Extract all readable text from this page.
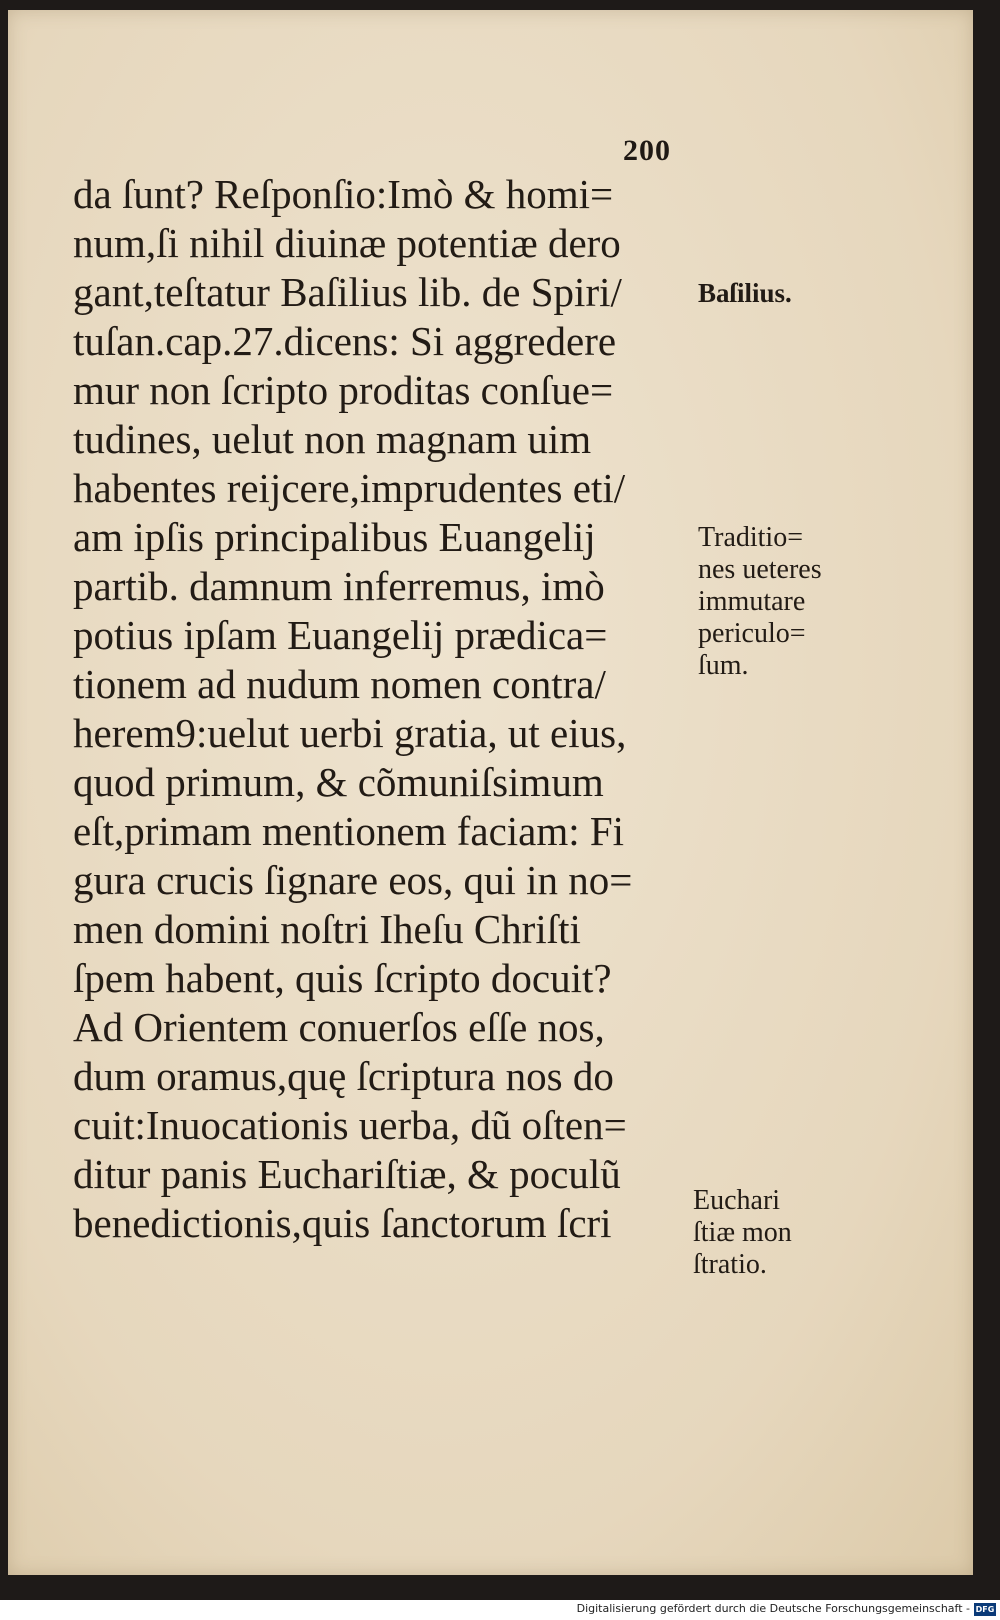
200
da ſunt? Reſponſio:Imò & homi=
num,ſi nihil diuinæ potentiæ dero
gant,teſtatur Baſilius lib. de Spiri/
tuſan.cap.27.dicens: Si aggredere
mur non ſcripto proditas conſue=
tudines, uelut non magnam uim
habentes reijcere,imprudentes eti/
am ipſis principalibus Euangelij
partib. damnum inferremus, imò
potius ipſam Euangelij prædica=
tionem ad nudum nomen contra/
herem9:uelut uerbi gratia, ut eius,
quod primum, & cõmuniſsimum
eſt,primam mentionem faciam: Fi
gura crucis ſignare eos, qui in no=
men domini noſtri Iheſu Chriſti
ſpem habent, quis ſcripto docuit?
Ad Orientem conuerſos eſſe nos,
dum oramus,quę ſcriptura nos do
cuit:Inuocationis uerba, dũ oſten=
ditur panis Euchariſtiæ, & poculũ
benedictionis,quis ſanctorum ſcri
Baſilius.
Traditio=
nes ueteres
immutare
periculo=
ſum.
Euchari
ſtiæ mon
ſtratio.
Digitalisierung gefördert durch die Deutsche Forschungsgemeinschaft - DFG
